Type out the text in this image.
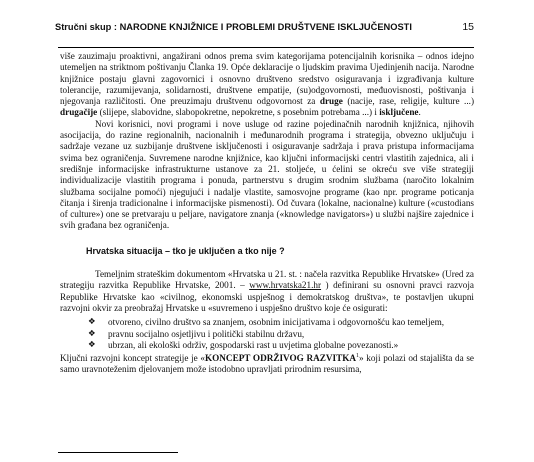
Stručni skup : NARODNE KNJIŽNICE I PROBLEMI DRUŠTVENE ISKLJUČENOSTI	15

više zauzimaju proaktivni, angažirani odnos prema svim kategorijama potencijalnih korisnika – odnos idejno utemeljen na striktnom poštivanju Članka 19. Opće deklaracije o ljudskim pravima Ujedinjenih nacija. Narodne knjižnice postaju glavni zagovornici i osnovno društveno sredstvo osiguravanja i izgrađivanja kulture tolerancije, razumijevanja, solidarnosti, društvene empatije, (su)odgovornosti, međuovisnosti, poštivanja i njegovanja različitosti. One preuzimaju društvenu odgovornost za druge (nacije, rase, religije, kulture ...) drugačije (slijepe, slabovidne, slabopokretne, nepokretne, s posebnim potrebama ...) i isključene.

Novi korisnici, novi programi i nove usluge od razine pojedinačnih narodnih knjižnica, njihovih asocijacija, do razine regionalnih, nacionalnih i međunarodnih programa i strategija, obvezno uključuju i sadržaje vezane uz suzbijanje društvene isključenosti i osiguravanje sadržaja i prava pristupa informacijama svima bez ograničenja. Suvremene narodne knjižnice, kao ključni informacijski centri vlastitih zajednica, ali i središnje informacijske infrastrukturne ustanove za 21. stoljeće, u ćelini se okreću sve više strategiji individualizacije vlastitih programa i ponuda, partnerstvu s drugim srodnim službama (naročito lokalnim službama socijalne pomoći) njegujući i nadalje vlastite, samosvojne programe (kao npr. programe poticanja čitanja i širenja tradicionalne i informacijske pismenosti). Od čuvara (lokalne, nacionalne) kulture («custodians of culture») one se pretvaraju u peljare, navigatore znanja («knowledge navigators») u službi najšire zajednice i svih građana bez ograničenja.

Hrvatska situacija – tko je uključen a tko nije ?

Temeljnim strateškim dokumentom «Hrvatska u 21. st. : načela razvitka Republike Hrvatske» (Ured za strategiju razvitka Republike Hrvatske, 2001. – www.hrvatska21.hr ) definirani su osnovni pravci razvoja Republike Hrvatske kao «civilnog, ekonomski uspješnog i demokratskog društva», te postavljen ukupni razvojni okvir za preobražaj Hrvatske u «suvremeno i uspješno društvo koje će osigurati:

❖ otvoreno, civilno društvo sa znanjem, osobnim inicijativama i odgovornošću kao temeljem,
❖ pravnu socijalno osjetljivu i politički stabilnu državu,
❖ ubrzan, ali ekološki održiv, gospodarski rast u uvjetima globalne povezanosti.»

Ključni razvojni koncept strategije je «KONCEPT ODRŽIVOG RAZVITKA$^1$» koji polazi od stajališta da se samo uravnoteženim djelovanjem može istodobno upravljati prirodnim resursima,
